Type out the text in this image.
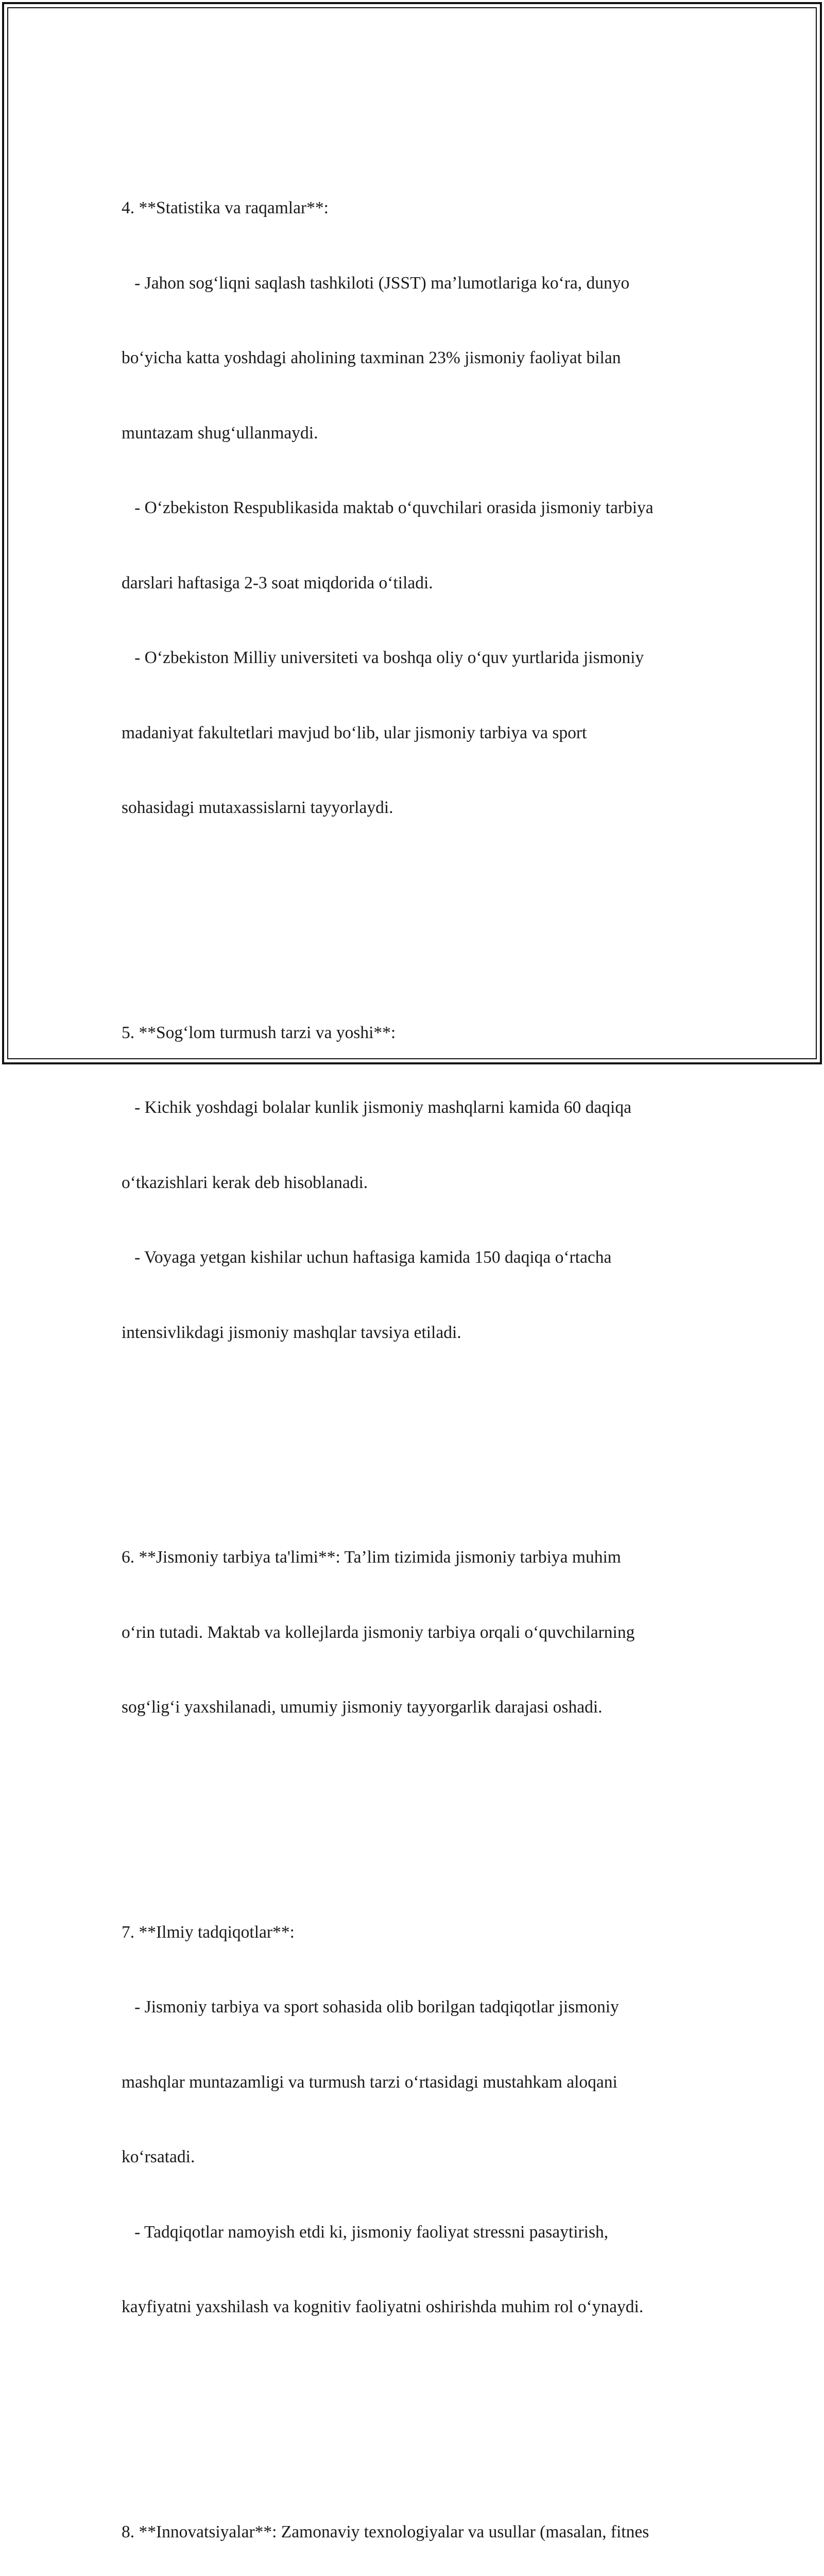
4. **Statistika va raqamlar**:

- Jahon sog‘liqni saqlash tashkiloti (JSST) ma’lumotlariga ko‘ra, dunyo

bo‘yicha katta yoshdagi aholining taxminan 23% jismoniy faoliyat bilan

muntazam shug‘ullanmaydi.

- O‘zbekiston Respublikasida maktab o‘quvchilari orasida jismoniy tarbiya

darslari haftasiga 2-3 soat miqdorida o‘tiladi.

- O‘zbekiston Milliy universiteti va boshqa oliy o‘quv yurtlarida jismoniy

madaniyat fakultetlari mavjud bo‘lib, ular jismoniy tarbiya va sport

sohasidagi mutaxassislarni tayyorlaydi.

5. **Sog‘lom turmush tarzi va yoshi**:

- Kichik yoshdagi bolalar kunlik jismoniy mashqlarni kamida 60 daqiqa

o‘tkazishlari kerak deb hisoblanadi.

- Voyaga yetgan kishilar uchun haftasiga kamida 150 daqiqa o‘rtacha

intensivlikdagi jismoniy mashqlar tavsiya etiladi.

6. **Jismoniy tarbiya ta'limi**: Ta’lim tizimida jismoniy tarbiya muhim

o‘rin tutadi. Maktab va kollejlarda jismoniy tarbiya orqali o‘quvchilarning

sog‘lig‘i yaxshilanadi, umumiy jismoniy tayyorgarlik darajasi oshadi.

7. **Ilmiy tadqiqotlar**:

- Jismoniy tarbiya va sport sohasida olib borilgan tadqiqotlar jismoniy

mashqlar muntazamligi va turmush tarzi o‘rtasidagi mustahkam aloqani

ko‘rsatadi.

- Tadqiqotlar namoyish etdi ki, jismoniy faoliyat stressni pasaytirish,

kayfiyatni yaxshilash va kognitiv faoliyatni oshirishda muhim rol o‘ynaydi.

8. **Innovatsiyalar**: Zamonaviy texnologiyalar va usullar (masalan, fitnes
